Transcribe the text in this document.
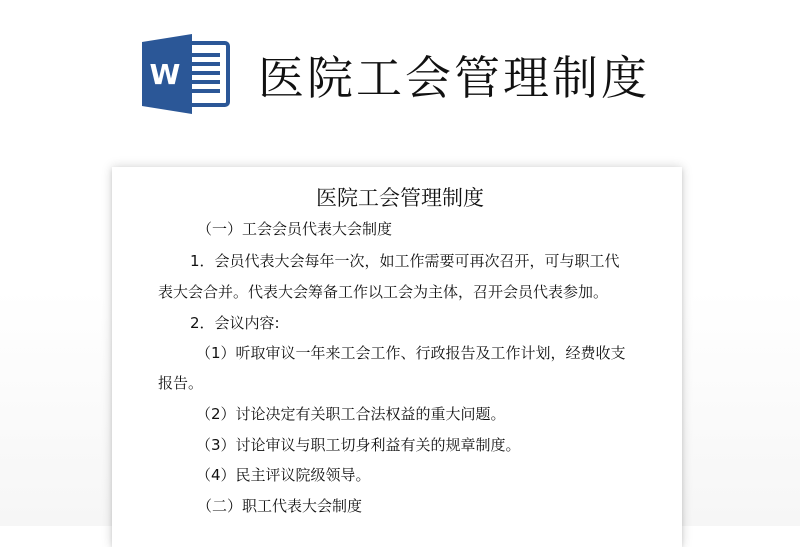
W 医院工会管理制度
医院工会管理制度
（一）工会会员代表大会制度
1．会员代表大会每年一次，如工作需要可再次召开，可与职工代
表大会合并。代表大会筹备工作以工会为主体，召开会员代表参加。
2．会议内容:
（1）听取审议一年来工会工作、行政报告及工作计划，经费收支
报告。
（2）讨论决定有关职工合法权益的重大问题。
（3）讨论审议与职工切身利益有关的规章制度。
（4）民主评议院级领导。
（二）职工代表大会制度
